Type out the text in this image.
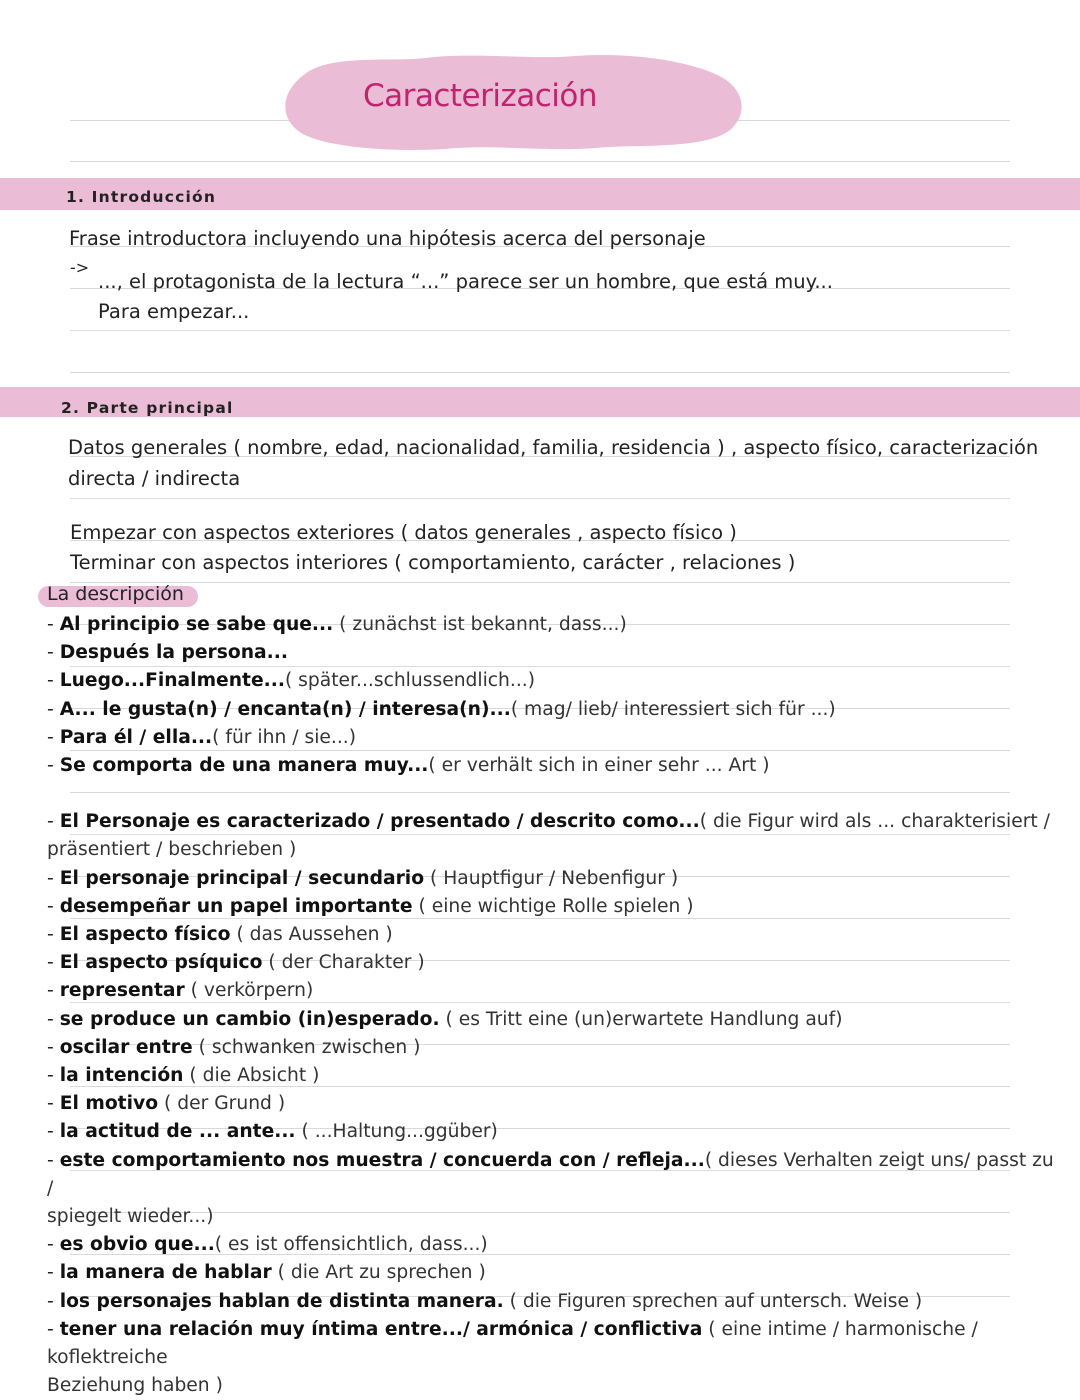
Caracterización
1. Introducción
Frase introductora incluyendo una hipótesis acerca del personaje
->
..., el protagonista de la lectura “...” parece ser un hombre, que está muy...
Para empezar...
2. Parte principal
Datos generales ( nombre, edad, nacionalidad, familia, residencia ) , aspecto físico, caracterización
directa / indirecta
Empezar con aspectos exteriores ( datos generales , aspecto físico )
Terminar con aspectos interiores ( comportamiento, carácter , relaciones )
La descripción
- Al principio se sabe que... ( zunächst ist bekannt, dass...)
- Después la persona...
- Luego...Finalmente...( später...schlussendlich...)
- A... le gusta(n) / encanta(n) / interesa(n)...( mag/ lieb/ interessiert sich für ...)
- Para él / ella...( für ihn / sie...)
- Se comporta de una manera muy...( er verhält sich in einer sehr ... Art )
- El Personaje es caracterizado / presentado / descrito como...( die Figur wird als ... charakterisiert /
präsentiert / beschrieben )
- El personaje principal / secundario ( Hauptfigur / Nebenfigur )
- desempeñar un papel importante ( eine wichtige Rolle spielen )
- El aspecto físico ( das Aussehen )
- El aspecto psíquico ( der Charakter )
- representar ( verkörpern)
- se produce un cambio (in)esperado. ( es Tritt eine (un)erwartete Handlung auf)
- oscilar entre ( schwanken zwischen )
- la intención ( die Absicht )
- El motivo ( der Grund )
- la actitud de ... ante... ( ...Haltung...ggüber)
- este comportamiento nos muestra / concuerda con / refleja...( dieses Verhalten zeigt uns/ passt zu /
spiegelt wieder...)
- es obvio que...( es ist offensichtlich, dass...)
- la manera de hablar ( die Art zu sprechen )
- los personajes hablan de distinta manera. ( die Figuren sprechen auf untersch. Weise )
- tener una relación muy íntima entre.../ armónica / conflictiva ( eine intime / harmonische / koflektreiche
Beziehung haben )
